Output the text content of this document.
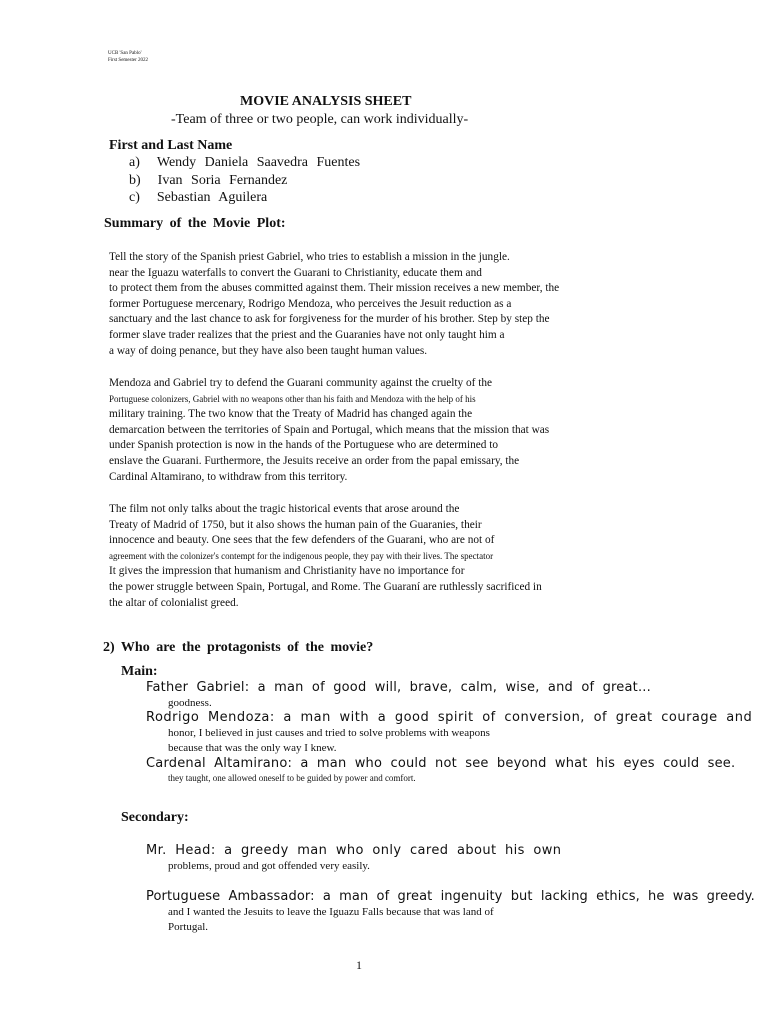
UCB 'San Pablo'
First Semester 2022
MOVIE ANALYSIS SHEET
-Team of three or two people, can work individually-
First and Last Name
a)  Wendy Daniela Saavedra Fuentes
b)  Ivan Soria Fernandez
c)  Sebastian Aguilera
Summary of the Movie Plot:
Tell the story of the Spanish priest Gabriel, who tries to establish a mission in the jungle.
near the Iguazu waterfalls to convert the Guarani to Christianity, educate them and
to protect them from the abuses committed against them. Their mission receives a new member, the
former Portuguese mercenary, Rodrigo Mendoza, who perceives the Jesuit reduction as a
sanctuary and the last chance to ask for forgiveness for the murder of his brother. Step by step the
former slave trader realizes that the priest and the Guaranies have not only taught him a
a way of doing penance, but they have also been taught human values.
Mendoza and Gabriel try to defend the Guarani community against the cruelty of the
Portuguese colonizers, Gabriel with no weapons other than his faith and Mendoza with the help of his
military training. The two know that the Treaty of Madrid has changed again the
demarcation between the territories of Spain and Portugal, which means that the mission that was
under Spanish protection is now in the hands of the Portuguese who are determined to
enslave the Guarani. Furthermore, the Jesuits receive an order from the papal emissary, the
Cardinal Altamirano, to withdraw from this territory.
The film not only talks about the tragic historical events that arose around the
Treaty of Madrid of 1750, but it also shows the human pain of the Guaranies, their
innocence and beauty. One sees that the few defenders of the Guarani, who are not of
agreement with the colonizer's contempt for the indigenous people, they pay with their lives. The spectator
It gives the impression that humanism and Christianity have no importance for
the power struggle between Spain, Portugal, and Rome. The Guaraní are ruthlessly sacrificed in
the altar of colonialist greed.
2) Who are the protagonists of the movie?
Main:
Father Gabriel: a man of good will, brave, calm, wise, and of great...
goodness.
Rodrigo Mendoza: a man with a good spirit of conversion, of great courage and
honor, I believed in just causes and tried to solve problems with weapons
because that was the only way I knew.
Cardenal Altamirano: a man who could not see beyond what his eyes could see.
they taught, one allowed oneself to be guided by power and comfort.
Secondary:
Mr. Head: a greedy man who only cared about his own
problems, proud and got offended very easily.
Portuguese Ambassador: a man of great ingenuity but lacking ethics, he was greedy.
and I wanted the Jesuits to leave the Iguazu Falls because that was land of
Portugal.
1
